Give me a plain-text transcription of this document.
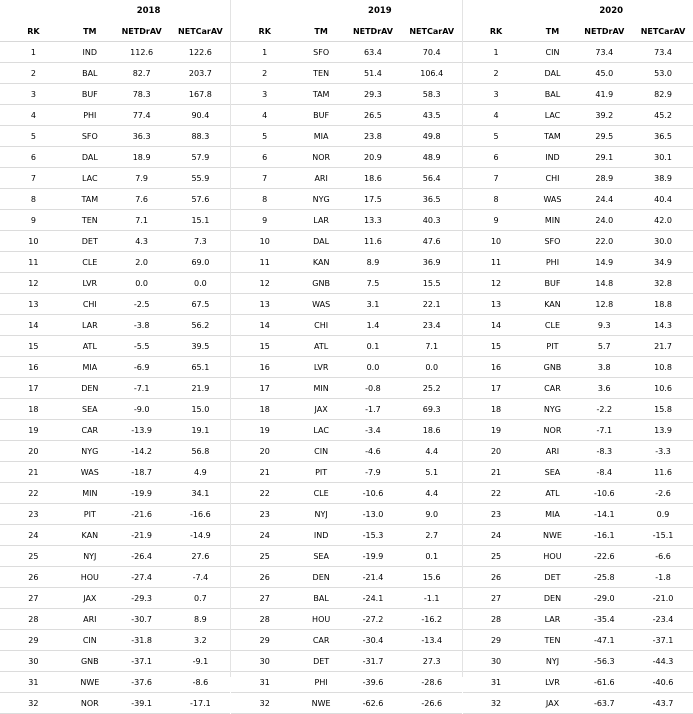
	2018		
RK	TM	NETDrAV	NETCarAV
1	IND	112.6	122.6
2	BAL	82.7	203.7
3	BUF	78.3	167.8
4	PHI	77.4	90.4
5	SFO	36.3	88.3
6	DAL	18.9	57.9
7	LAC	7.9	55.9
8	TAM	7.6	57.6
9	TEN	7.1	15.1
10	DET	4.3	7.3
11	CLE	2.0	69.0
12	LVR	0.0	0.0
13	CHI	-2.5	67.5
14	LAR	-3.8	56.2
15	ATL	-5.5	39.5
16	MIA	-6.9	65.1
17	DEN	-7.1	21.9
18	SEA	-9.0	15.0
19	CAR	-13.9	19.1
20	NYG	-14.2	56.8
21	WAS	-18.7	4.9
22	MIN	-19.9	34.1
23	PIT	-21.6	-16.6
24	KAN	-21.9	-14.9
25	NYJ	-26.4	27.6
26	HOU	-27.4	-7.4
27	JAX	-29.3	0.7
28	ARI	-30.7	8.9
29	CIN	-31.8	3.2
30	GNB	-37.1	-9.1
31	NWE	-37.6	-8.6
32	NOR	-39.1	-17.1
	2019		
RK	TM	NETDrAV	NETCarAV
1	SFO	63.4	70.4
2	TEN	51.4	106.4
3	TAM	29.3	58.3
4	BUF	26.5	43.5
5	MIA	23.8	49.8
6	NOR	20.9	48.9
7	ARI	18.6	56.4
8	NYG	17.5	36.5
9	LAR	13.3	40.3
10	DAL	11.6	47.6
11	KAN	8.9	36.9
12	GNB	7.5	15.5
13	WAS	3.1	22.1
14	CHI	1.4	23.4
15	ATL	0.1	7.1
16	LVR	0.0	0.0
17	MIN	-0.8	25.2
18	JAX	-1.7	69.3
19	LAC	-3.4	18.6
20	CIN	-4.6	4.4
21	PIT	-7.9	5.1
22	CLE	-10.6	4.4
23	NYJ	-13.0	9.0
24	IND	-15.3	2.7
25	SEA	-19.9	0.1
26	DEN	-21.4	15.6
27	BAL	-24.1	-1.1
28	HOU	-27.2	-16.2
29	CAR	-30.4	-13.4
30	DET	-31.7	27.3
31	PHI	-39.6	-28.6
32	NWE	-62.6	-26.6
	2020		
RK	TM	NETDrAV	NETCarAV
1	CIN	73.4	73.4
2	DAL	45.0	53.0
3	BAL	41.9	82.9
4	LAC	39.2	45.2
5	TAM	29.5	36.5
6	IND	29.1	30.1
7	CHI	28.9	38.9
8	WAS	24.4	40.4
9	MIN	24.0	42.0
10	SFO	22.0	30.0
11	PHI	14.9	34.9
12	BUF	14.8	32.8
13	KAN	12.8	18.8
14	CLE	9.3	14.3
15	PIT	5.7	21.7
16	GNB	3.8	10.8
17	CAR	3.6	10.6
18	NYG	-2.2	15.8
19	NOR	-7.1	13.9
20	ARI	-8.3	-3.3
21	SEA	-8.4	11.6
22	ATL	-10.6	-2.6
23	MIA	-14.1	0.9
24	NWE	-16.1	-15.1
25	HOU	-22.6	-6.6
26	DET	-25.8	-1.8
27	DEN	-29.0	-21.0
28	LAR	-35.4	-23.4
29	TEN	-47.1	-37.1
30	NYJ	-56.3	-44.3
31	LVR	-61.6	-40.6
32	JAX	-63.7	-43.7
